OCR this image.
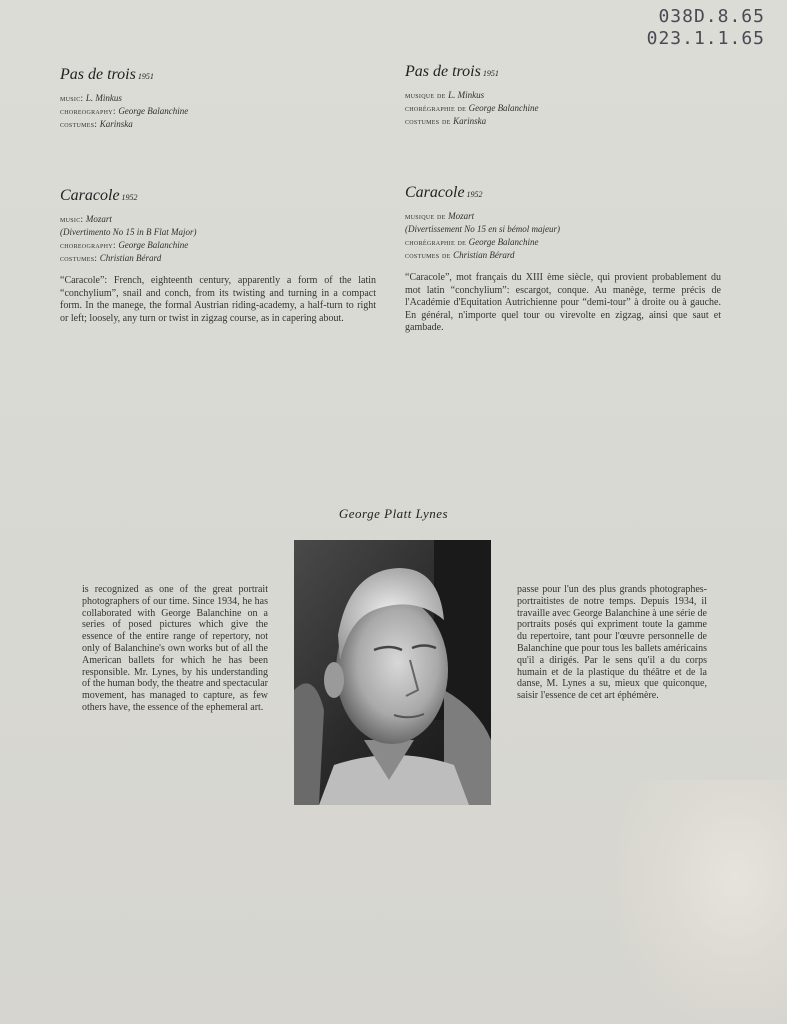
038D.8.65
023.1.1.65

Pas de trois 1951

music: L. Minkus

choreography: George Balanchine

costumes: Karinska

Pas de trois 1951

musique de L. Minkus

chorégraphie de George Balanchine

costumes de Karinska

Caracole 1952

music: Mozart

(Divertimento No 15 in B Flat Major)

choreography: George Balanchine

costumes: Christian Bérard

“Caracole”: French, eighteenth century, apparently a form of the latin “conchylium”, snail and conch, from its twisting and turning in a compact form. In the manege, the formal Austrian riding-academy, a half-turn to right or left; loosely, any turn or twist in zigzag course, as in capering about.

Caracole 1952

musique de Mozart

(Divertissement No 15 en si bémol majeur)

chorégraphie de George Balanchine

costumes de Christian Bérard

“Caracole”, mot français du XIII ème siècle, qui provient probablement du mot latin “conchylium”: escargot, conque. Au manège, terme précis de l'Académie d'Equitation Autrichienne pour “demi-tour” à droite ou à gauche. En général, n'importe quel tour ou virevolte en zigzag, ainsi que saut et gambade.

George Platt Lynes
is recognized as one of the great portrait photographers of our time. Since 1934, he has collaborated with George Balanchine on a series of posed pictures which give the essence of the entire range of repertory, not only of Balanchine's own works but of all the American ballets for which he has been responsible. Mr. Lynes, by his understanding of the human body, the theatre and spectacular movement, has managed to capture, as few others have, the essence of the ephemeral art.
passe pour l'un des plus grands photographes-portraitistes de notre temps. Depuis 1934, il travaille avec George Balanchine à une série de portraits posés qui expriment toute la gamme du repertoire, tant pour l'œuvre personnelle de Balanchine que pour tous les ballets américains qu'il a dirigés. Par le sens qu'il a du corps humain et de la plastique du théâtre et de la danse, M. Lynes a su, mieux que quiconque, saisir l'essence de cet art éphémère.
